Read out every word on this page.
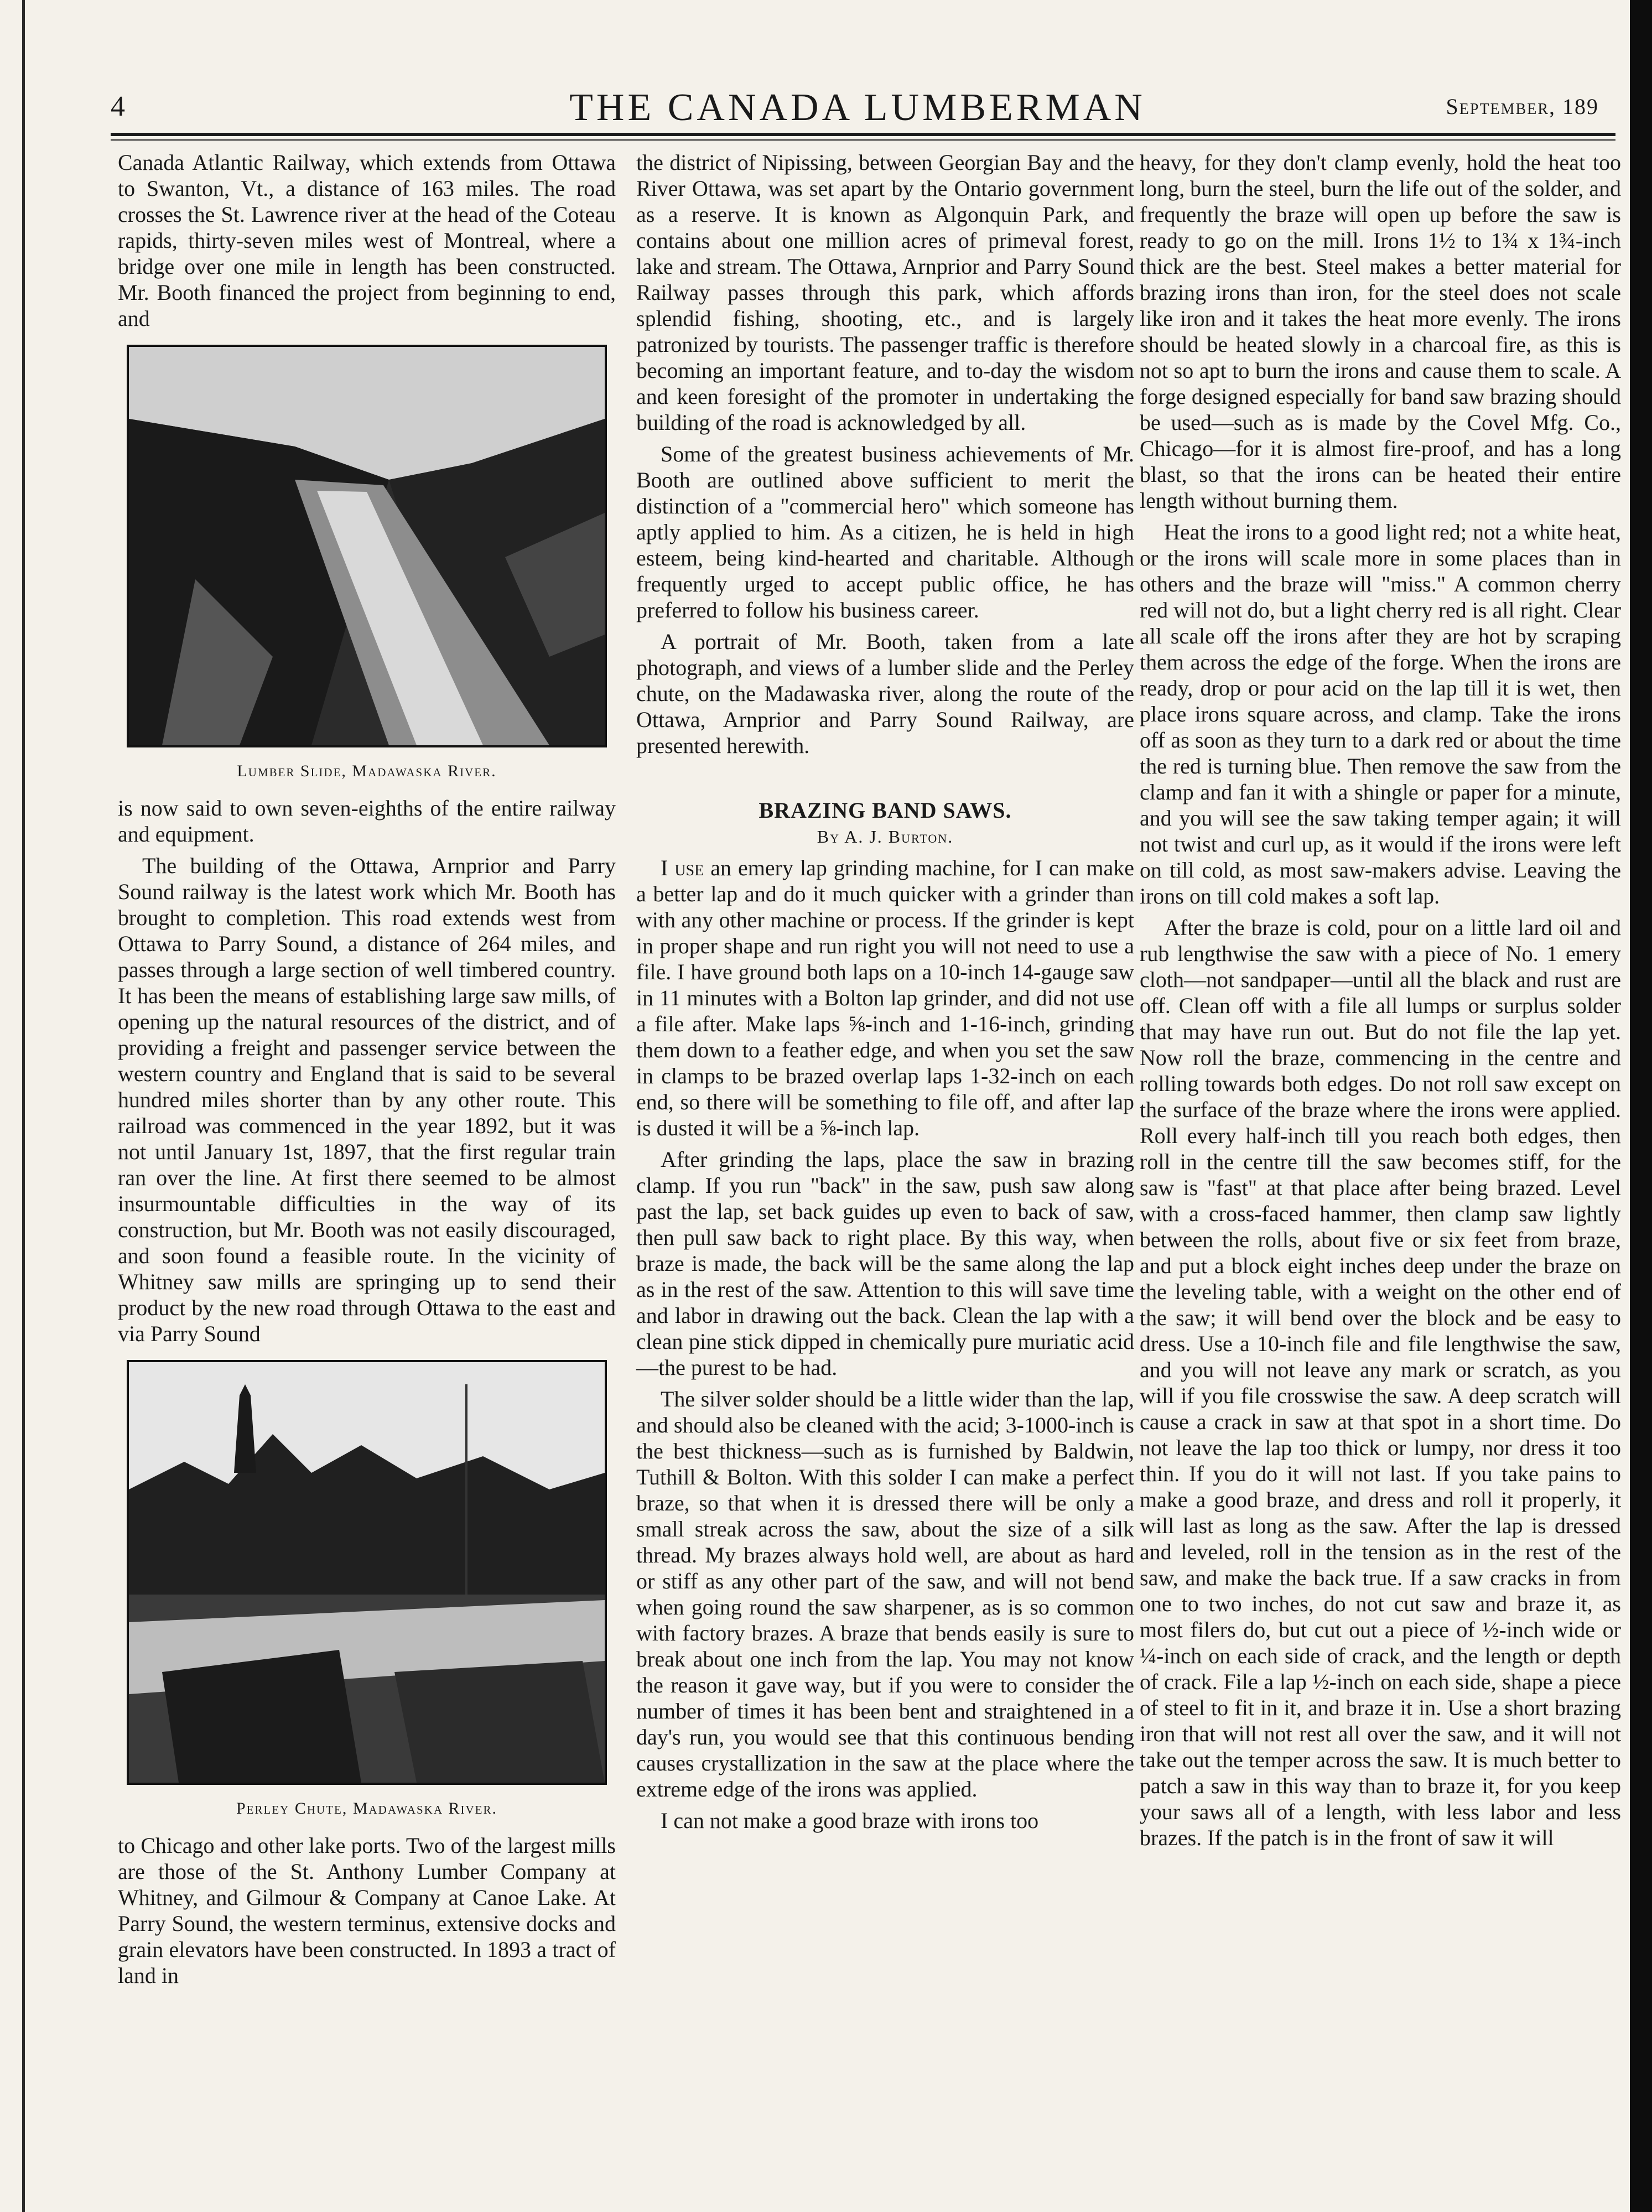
4	THE CANADA LUMBERMAN	September, 189

Canada Atlantic Railway, which extends from Ottawa to Swanton, Vt., a distance of 163 miles. The road crosses the St. Lawrence river at the head of the Coteau rapids, thirty-seven miles west of Montreal, where a bridge over one mile in length has been constructed. Mr. Booth financed the project from beginning to end, and

Lumber Slide, Madawaska River.

is now said to own seven-eighths of the entire railway and equipment.

The building of the Ottawa, Arnprior and Parry Sound railway is the latest work which Mr. Booth has brought to completion. This road extends west from Ottawa to Parry Sound, a distance of 264 miles, and passes through a large section of well timbered country. It has been the means of establishing large saw mills, of opening up the natural resources of the district, and of providing a freight and passenger service between the western country and England that is said to be several hundred miles shorter than by any other route. This railroad was commenced in the year 1892, but it was not until January 1st, 1897, that the first regular train ran over the line. At first there seemed to be almost insurmountable difficulties in the way of its construction, but Mr. Booth was not easily discouraged, and soon found a feasible route. In the vicinity of Whitney saw mills are springing up to send their product by the new road through Ottawa to the east and via Parry Sound

Perley Chute, Madawaska River.

to Chicago and other lake ports. Two of the largest mills are those of the St. Anthony Lumber Company at Whitney, and Gilmour & Company at Canoe Lake. At Parry Sound, the western terminus, extensive docks and grain elevators have been constructed. In 1893 a tract of land in

the district of Nipissing, between Georgian Bay and the River Ottawa, was set apart by the Ontario government as a reserve. It is known as Algonquin Park, and contains about one million acres of primeval forest, lake and stream. The Ottawa, Arnprior and Parry Sound Railway passes through this park, which affords splendid fishing, shooting, etc., and is largely patronized by tourists. The passenger traffic is therefore becoming an important feature, and to-day the wisdom and keen foresight of the promoter in undertaking the building of the road is acknowledged by all.

Some of the greatest business achievements of Mr. Booth are outlined above sufficient to merit the distinction of a "commercial hero" which someone has aptly applied to him. As a citizen, he is held in high esteem, being kind-hearted and charitable. Although frequently urged to accept public office, he has preferred to follow his business career.

A portrait of Mr. Booth, taken from a late photograph, and views of a lumber slide and the Perley chute, on the Madawaska river, along the route of the Ottawa, Arnprior and Parry Sound Railway, are presented herewith.

BRAZING BAND SAWS.
By A. J. Burton.

I use an emery lap grinding machine, for I can make a better lap and do it much quicker with a grinder than with any other machine or process. If the grinder is kept in proper shape and run right you will not need to use a file. I have ground both laps on a 10-inch 14-gauge saw in 11 minutes with a Bolton lap grinder, and did not use a file after. Make laps ⅝-inch and 1-16-inch, grinding them down to a feather edge, and when you set the saw in clamps to be brazed overlap laps 1-32-inch on each end, so there will be something to file off, and after lap is dusted it will be a ⅝-inch lap.

After grinding the laps, place the saw in brazing clamp. If you run "back" in the saw, push saw along past the lap, set back guides up even to back of saw, then pull saw back to right place. By this way, when braze is made, the back will be the same along the lap as in the rest of the saw. Attention to this will save time and labor in drawing out the back. Clean the lap with a clean pine stick dipped in chemically pure muriatic acid—the purest to be had.

The silver solder should be a little wider than the lap, and should also be cleaned with the acid; 3-1000-inch is the best thickness—such as is furnished by Baldwin, Tuthill & Bolton. With this solder I can make a perfect braze, so that when it is dressed there will be only a small streak across the saw, about the size of a silk thread. My brazes always hold well, are about as hard or stiff as any other part of the saw, and will not bend when going round the saw sharpener, as is so common with factory brazes. A braze that bends easily is sure to break about one inch from the lap. You may not know the reason it gave way, but if you were to consider the number of times it has been bent and straightened in a day's run, you would see that this continuous bending causes crystallization in the saw at the place where the extreme edge of the irons was applied.

I can not make a good braze with irons too

heavy, for they don't clamp evenly, hold the heat too long, burn the steel, burn the life out of the solder, and frequently the braze will open up before the saw is ready to go on the mill. Irons 1½ to 1¾ x 1¾-inch thick are the best. Steel makes a better material for brazing irons than iron, for the steel does not scale like iron and it takes the heat more evenly. The irons should be heated slowly in a charcoal fire, as this is not so apt to burn the irons and cause them to scale. A forge designed especially for band saw brazing should be used—such as is made by the Covel Mfg. Co., Chicago—for it is almost fire-proof, and has a long blast, so that the irons can be heated their entire length without burning them.

Heat the irons to a good light red; not a white heat, or the irons will scale more in some places than in others and the braze will "miss." A common cherry red will not do, but a light cherry red is all right. Clear all scale off the irons after they are hot by scraping them across the edge of the forge. When the irons are ready, drop or pour acid on the lap till it is wet, then place irons square across, and clamp. Take the irons off as soon as they turn to a dark red or about the time the red is turning blue. Then remove the saw from the clamp and fan it with a shingle or paper for a minute, and you will see the saw taking temper again; it will not twist and curl up, as it would if the irons were left on till cold, as most saw-makers advise. Leaving the irons on till cold makes a soft lap.

After the braze is cold, pour on a little lard oil and rub lengthwise the saw with a piece of No. 1 emery cloth—not sandpaper—until all the black and rust are off. Clean off with a file all lumps or surplus solder that may have run out. But do not file the lap yet. Now roll the braze, commencing in the centre and rolling towards both edges. Do not roll saw except on the surface of the braze where the irons were applied. Roll every half-inch till you reach both edges, then roll in the centre till the saw becomes stiff, for the saw is "fast" at that place after being brazed. Level with a cross-faced hammer, then clamp saw lightly between the rolls, about five or six feet from braze, and put a block eight inches deep under the braze on the leveling table, with a weight on the other end of the saw; it will bend over the block and be easy to dress. Use a 10-inch file and file lengthwise the saw, and you will not leave any mark or scratch, as you will if you file crosswise the saw. A deep scratch will cause a crack in saw at that spot in a short time. Do not leave the lap too thick or lumpy, nor dress it too thin. If you do it will not last. If you take pains to make a good braze, and dress and roll it properly, it will last as long as the saw. After the lap is dressed and leveled, roll in the tension as in the rest of the saw, and make the back true. If a saw cracks in from one to two inches, do not cut saw and braze it, as most filers do, but cut out a piece of ½-inch wide or ¼-inch on each side of crack, and the length or depth of crack. File a lap ½-inch on each side, shape a piece of steel to fit in it, and braze it in. Use a short brazing iron that will not rest all over the saw, and it will not take out the temper across the saw. It is much better to patch a saw in this way than to braze it, for you keep your saws all of a length, with less labor and less brazes. If the patch is in the front of saw it will
